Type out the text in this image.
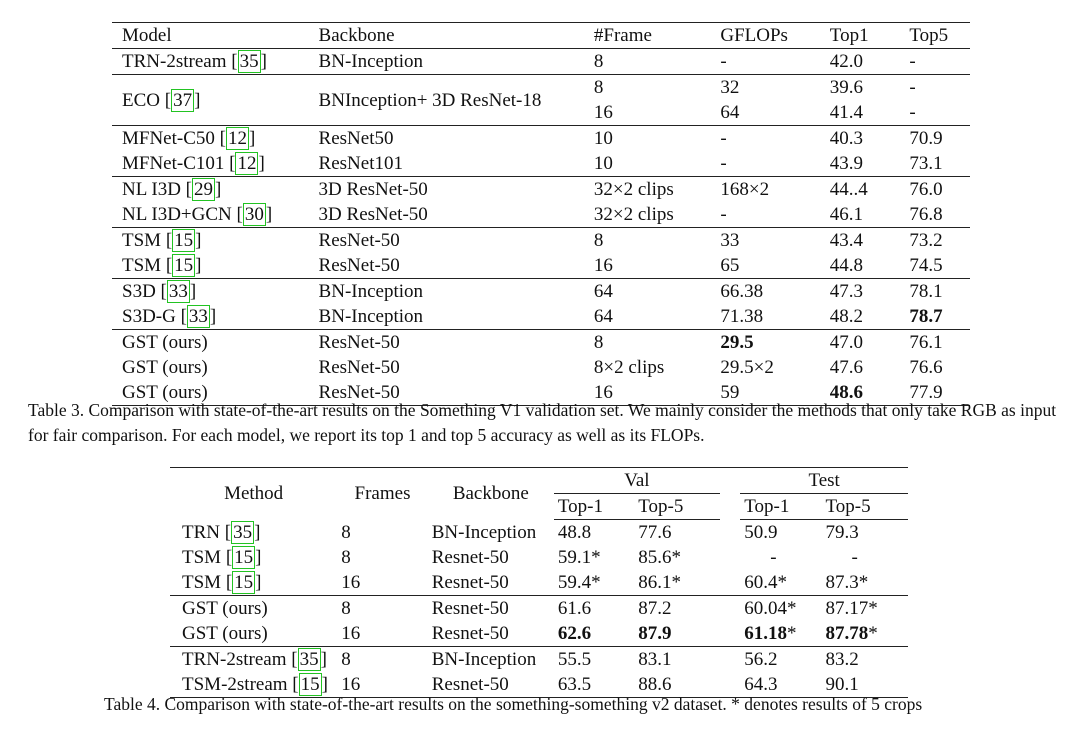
Model	Backbone	#Frame	GFLOPs	Top1	Top5
TRN-2stream [ 35 ]	BN-Inception	8	-	42.0	-
ECO [ 37 ]	BNInception+ 3D ResNet-18	8	32	39.6	-
		16	64	41.4	-
MFNet-C50 [ 12 ]	ResNet50	10	-	40.3	70.9
MFNet-C101 [ 12 ]	ResNet101	10	-	43.9	73.1
NL I3D [ 29 ]	3D ResNet-50	32×2 clips	168×2	44..4	76.0
NL I3D+GCN [ 30 ]	3D ResNet-50	32×2 clips	-	46.1	76.8
TSM [ 15 ]	ResNet-50	8	33	43.4	73.2
TSM [ 15 ]	ResNet-50	16	65	44.8	74.5
S3D [ 33 ]	BN-Inception	64	66.38	47.3	78.1
S3D-G [ 33 ]	BN-Inception	64	71.38	48.2	78.7
GST (ours)	ResNet-50	8	29.5	47.0	76.1
GST (ours)	ResNet-50	8×2 clips	29.5×2	47.6	76.6
GST (ours)	ResNet-50	16	59	48.6	77.9
Table 3. Comparison with state-of-the-art results on the Something V1 validation set. We mainly consider the methods that only take RGB as input for fair comparison. For each model, we report its top 1 and top 5 accuracy as well as its FLOPs.
Method	Frames	Backbone	Val			Test	
			Top-1	Top-5		Top-1	Top-5
TRN [ 35 ]	8	BN-Inception	48.8	77.6		50.9	79.3
TSM [ 15 ]	8	Resnet-50	59.1*	85.6*		-	-
TSM [ 15 ]	16	Resnet-50	59.4*	86.1*		60.4*	87.3*
GST (ours)	8	Resnet-50	61.6	87.2		60.04*	87.17*
GST (ours)	16	Resnet-50	62.6	87.9		61.18*	87.78*
TRN-2stream [ 35 ]	8	BN-Inception	55.5	83.1		56.2	83.2
TSM-2stream [ 15 ]	16	Resnet-50	63.5	88.6		64.3	90.1
Table 4. Comparison with state-of-the-art results on the something-something v2 dataset. * denotes results of 5 crops
